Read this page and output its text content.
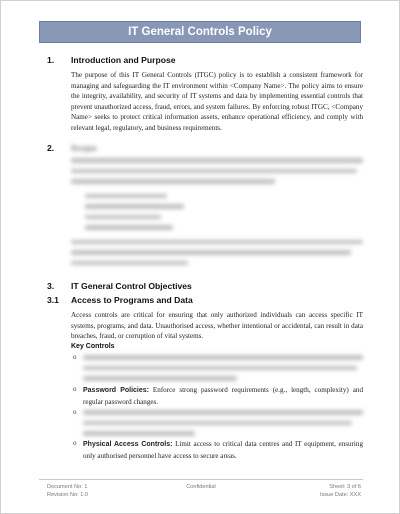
IT General Controls Policy
1. Introduction and Purpose
The purpose of this IT General Controls (ITGC) policy is to establish a consistent framework for managing and safeguarding the IT environment within <Company Name>. The policy aims to ensure the integrity, availability, and security of IT systems and data by implementing essential controls that prevent unauthorized access, fraud, errors, and system failures. By enforcing robust ITGC, <Company Name> seeks to protect critical information assets, enhance operational efficiency, and comply with relevant legal, regulatory, and business requirements.
2. Scope
3. IT General Control Objectives
3.1 Access to Programs and Data
Access controls are critical for ensuring that only authorized individuals can access specific IT systems, programs, and data. Unauthorised access, whether intentional or accidental, can result in data breaches, fraud, or corruption of vital systems.
Key Controls
o
o Password Policies: Enforce strong password requirements (e.g., length, complexity) and regular password changes.
o
o Physical Access Controls: Limit access to critical data centres and IT equipment, ensuring only authorised personnel have access to secure areas.
Document No: 1
Revision No: 1.0
Confidential	Sheet: 3 of 6
Issue Date: XXX
